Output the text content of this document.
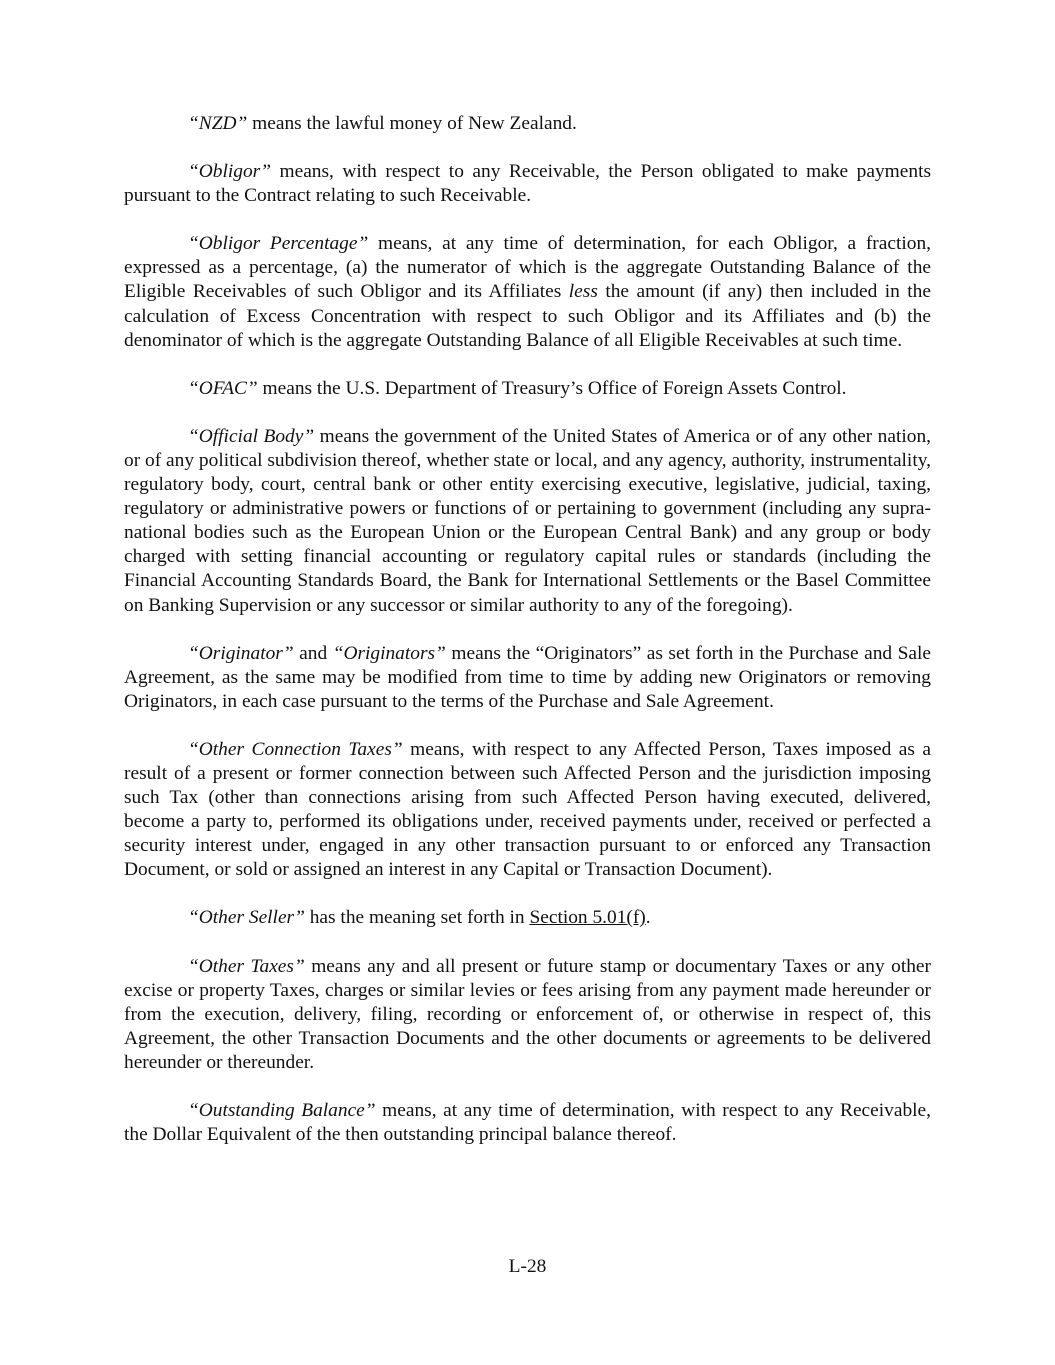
“NZD” means the lawful money of New Zealand.

“Obligor” means, with respect to any Receivable, the Person obligated to make payments pursuant to the Contract relating to such Receivable.

“Obligor Percentage” means, at any time of determination, for each Obligor, a fraction, expressed as a percentage, (a) the numerator of which is the aggregate Outstanding Balance of the Eligible Receivables of such Obligor and its Affiliates less the amount (if any) then included in the calculation of Excess Concentration with respect to such Obligor and its Affiliates and (b) the denominator of which is the aggregate Outstanding Balance of all Eligible Receivables at such time.

“OFAC” means the U.S. Department of Treasury’s Office of Foreign Assets Control.

“Official Body” means the government of the United States of America or of any other nation, or of any political subdivision thereof, whether state or local, and any agency, authority, instrumentality, regulatory body, court, central bank or other entity exercising executive, legislative, judicial, taxing, regulatory or administrative powers or functions of or pertaining to government (including any supra-national bodies such as the European Union or the European Central Bank) and any group or body charged with setting financial accounting or regulatory capital rules or standards (including the Financial Accounting Standards Board, the Bank for International Settlements or the Basel Committee on Banking Supervision or any successor or similar authority to any of the foregoing).

“Originator” and “Originators” means the “Originators” as set forth in the Purchase and Sale Agreement, as the same may be modified from time to time by adding new Originators or removing Originators, in each case pursuant to the terms of the Purchase and Sale Agreement.

“Other Connection Taxes” means, with respect to any Affected Person, Taxes imposed as a result of a present or former connection between such Affected Person and the jurisdiction imposing such Tax (other than connections arising from such Affected Person having executed, delivered, become a party to, performed its obligations under, received payments under, received or perfected a security interest under, engaged in any other transaction pursuant to or enforced any Transaction Document, or sold or assigned an interest in any Capital or Transaction Document).

“Other Seller” has the meaning set forth in Section 5.01(f).

“Other Taxes” means any and all present or future stamp or documentary Taxes or any other excise or property Taxes, charges or similar levies or fees arising from any payment made hereunder or from the execution, delivery, filing, recording or enforcement of, or otherwise in respect of, this Agreement, the other Transaction Documents and the other documents or agreements to be delivered hereunder or thereunder.

“Outstanding Balance” means, at any time of determination, with respect to any Receivable, the Dollar Equivalent of the then outstanding principal balance thereof.

L-28
